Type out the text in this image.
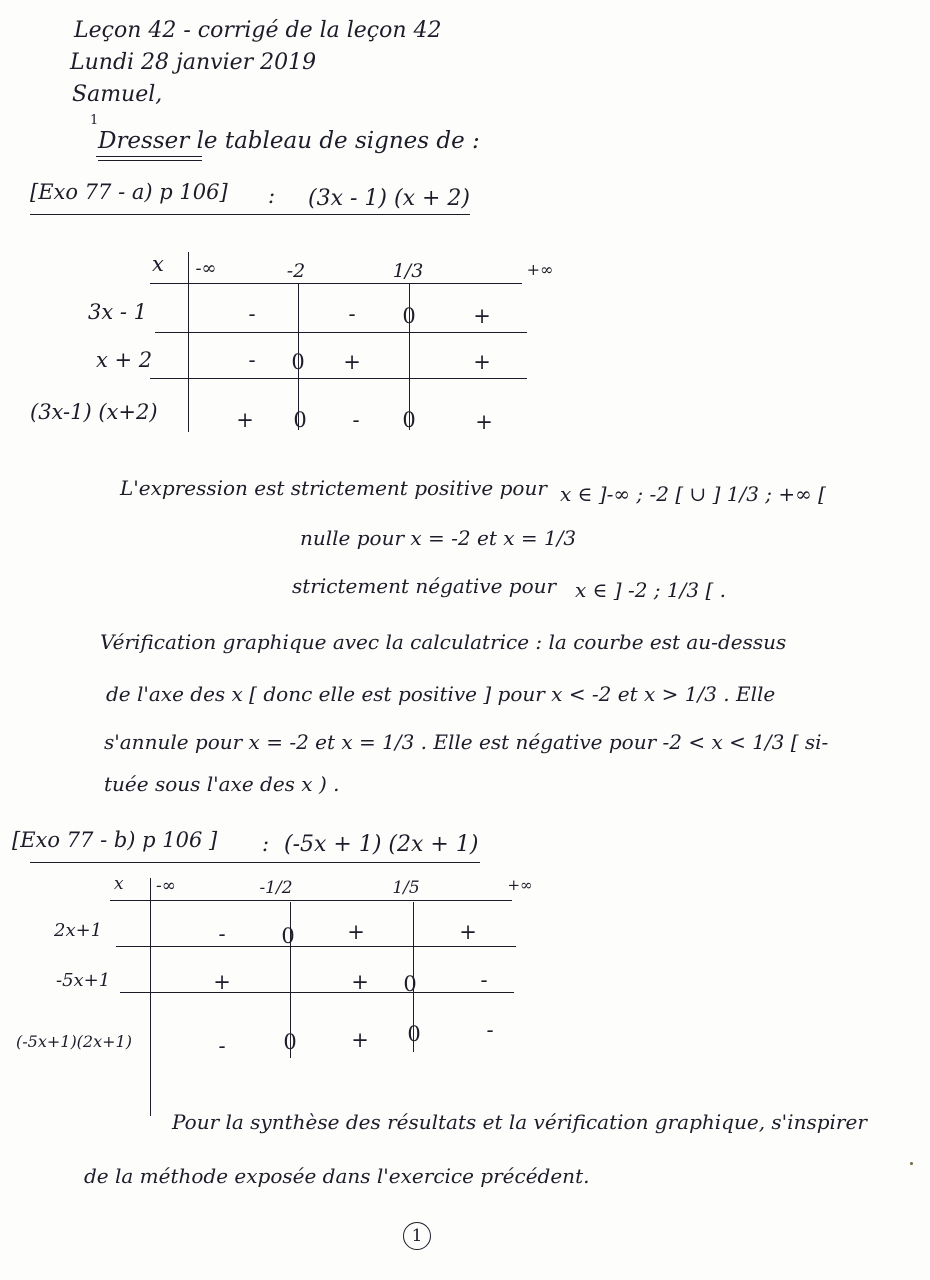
Leçon 42 - corrigé de la leçon 42
Lundi 28 janvier 2019
Samuel,
1
Dresser le tableau de signes de :
[Exo 77 - a) p 106] : (3x - 1) (x + 2)
x	-∞	-2	1/3	+∞
3x - 1	-	-	0	+
x + 2	-	0	+	+
(3x-1) (x+2)	+	0	-	0	+
L'expression est strictement positive pour x ∈ ]-∞ ; -2 [ ∪ ] 1/3 ; +∞ [
nulle pour x = -2 et x = 1/3
strictement négative pour x ∈ ] -2 ; 1/3 [ .
Vérification graphique avec la calculatrice : la courbe est au-dessus
de l'axe des x [ donc elle est positive ] pour x < -2 et x > 1/3 . Elle
s'annule pour x = -2 et x = 1/3 . Elle est négative pour -2 < x < 1/3 [ si-
tuée sous l'axe des x ) .
[Exo 77 - b) p 106 ] : (-5x + 1) (2x + 1)
x	-∞	-1/2	1/5	+∞
2x+1	-	0	+	+
-5x+1	+	+	0	-
(-5x+1)(2x+1)	-	0	+	0	-
Pour la synthèse des résultats et la vérification graphique, s'inspirer
de la méthode exposée dans l'exercice précédent.
1
